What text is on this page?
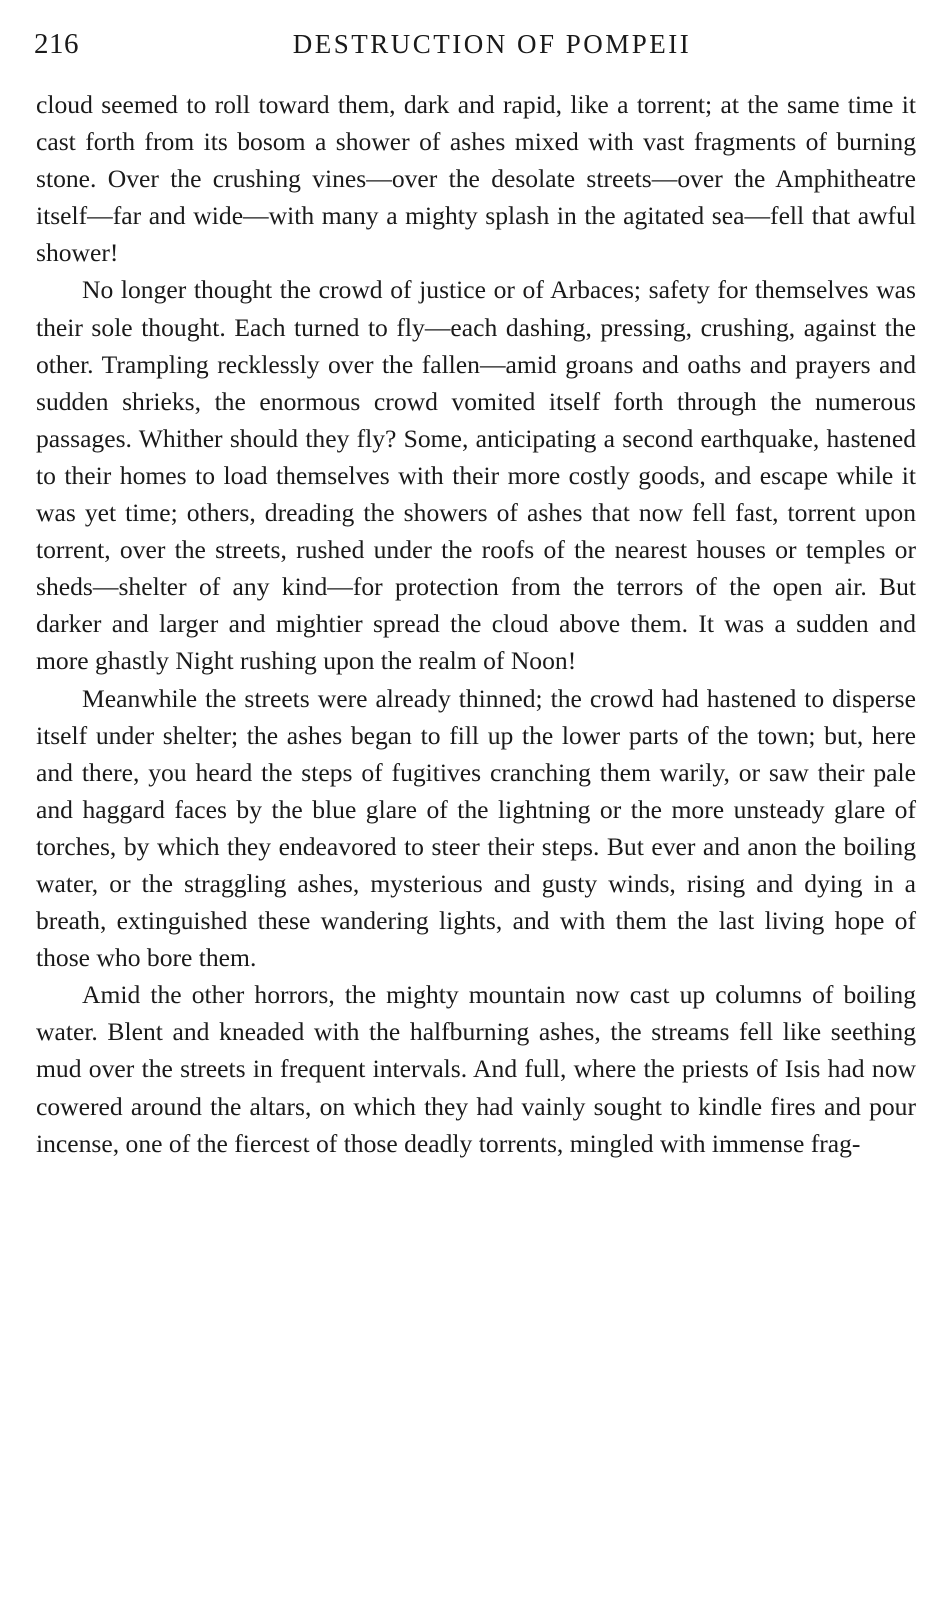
216	DESTRUCTION OF POMPEII

cloud seemed to roll toward them, dark and rapid, like a torrent; at the same time it cast forth from its bosom a shower of ashes mixed with vast fragments of burning stone. Over the crushing vines—over the desolate streets—over the Amphitheatre itself—far and wide—with many a mighty splash in the agitated sea—fell that awful shower!

No longer thought the crowd of justice or of Arbaces; safety for themselves was their sole thought. Each turned to fly—each dashing, pressing, crushing, against the other. Trampling recklessly over the fallen—amid groans and oaths and prayers and sudden shrieks, the enormous crowd vomited itself forth through the numerous passages. Whither should they fly? Some, anticipating a second earthquake, hastened to their homes to load themselves with their more costly goods, and escape while it was yet time; others, dreading the showers of ashes that now fell fast, torrent upon torrent, over the streets, rushed under the roofs of the nearest houses or temples or sheds—shelter of any kind—for protection from the terrors of the open air. But darker and larger and mightier spread the cloud above them. It was a sudden and more ghastly Night rushing upon the realm of Noon!

Meanwhile the streets were already thinned; the crowd had hastened to disperse itself under shelter; the ashes began to fill up the lower parts of the town; but, here and there, you heard the steps of fugitives cranching them warily, or saw their pale and haggard faces by the blue glare of the lightning or the more unsteady glare of torches, by which they endeavored to steer their steps. But ever and anon the boiling water, or the straggling ashes, mysterious and gusty winds, rising and dying in a breath, extinguished these wandering lights, and with them the last living hope of those who bore them.

Amid the other horrors, the mighty mountain now cast up columns of boiling water. Blent and kneaded with the halfburning ashes, the streams fell like seething mud over the streets in frequent intervals. And full, where the priests of Isis had now cowered around the altars, on which they had vainly sought to kindle fires and pour incense, one of the fiercest of those deadly torrents, mingled with immense frag-
